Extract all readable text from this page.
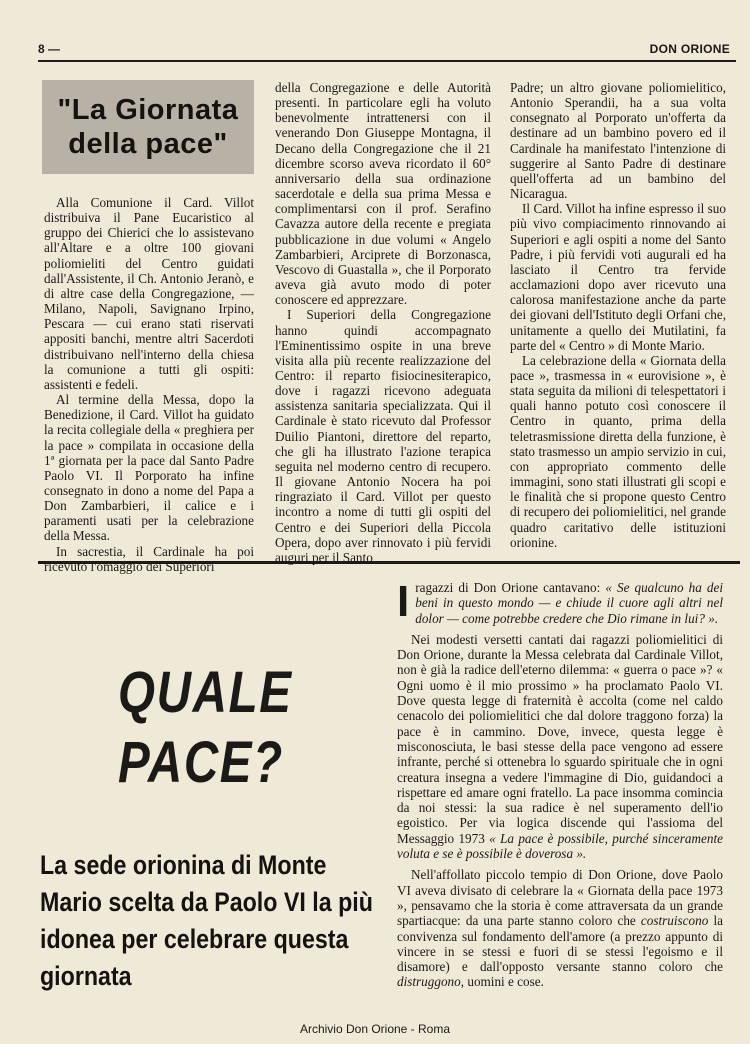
8 —	DON ORIONE
"La Giornata
della pace"

Alla Comunione il Card. Villot distribuiva il Pane Eucaristico al gruppo dei Chierici che lo assistevano all'Altare e a oltre 100 giovani poliomieliti del Centro guidati dall'Assistente, il Ch. Antonio Jeranò, e di altre case della Congregazione, — Milano, Napoli, Savignano Irpino, Pescara — cui erano stati riservati appositi banchi, mentre altri Sacerdoti distribuivano nell'interno della chiesa la comunione a tutti gli ospiti: assistenti e fedeli.

Al termine della Messa, dopo la Benedizione, il Card. Villot ha guidato la recita collegiale della « preghiera per la pace » compilata in occasione della 1ª giornata per la pace dal Santo Padre Paolo VI. Il Porporato ha infine consegnato in dono a nome del Papa a Don Zambarbieri, il calice e i paramenti usati per la celebrazione della Messa.

In sacrestia, il Cardinale ha poi ricevuto l'omaggio dei Superiori

della Congregazione e delle Autorità presenti. In particolare egli ha voluto benevolmente intrattenersi con il venerando Don Giuseppe Montagna, il Decano della Congregazione che il 21 dicembre scorso aveva ricordato il 60° anniversario della sua ordinazione sacerdotale e della sua prima Messa e complimentarsi con il prof. Serafino Cavazza autore della recente e pregiata pubblicazione in due volumi « Angelo Zambarbieri, Arciprete di Borzonasca, Vescovo di Guastalla », che il Porporato aveva già avuto modo di poter conoscere ed apprezzare.

I Superiori della Congregazione hanno quindi accompagnato l'Eminentissimo ospite in una breve visita alla più recente realizzazione del Centro: il reparto fisiocinesiterapico, dove i ragazzi ricevono adeguata assistenza sanitaria specializzata. Qui il Cardinale è stato ricevuto dal Professor Duilio Piantoni, direttore del reparto, che gli ha illustrato l'azione terapica seguita nel moderno centro di recupero. Il giovane Antonio Nocera ha poi ringraziato il Card. Villot per questo incontro a nome di tutti gli ospiti del Centro e dei Superiori della Piccola Opera, dopo aver rinnovato i più fervidi auguri per il Santo

Padre; un altro giovane poliomielitico, Antonio Sperandii, ha a sua volta consegnato al Porporato un'offerta da destinare ad un bambino povero ed il Cardinale ha manifestato l'intenzione di suggerire al Santo Padre di destinare quell'offerta ad un bambino del Nicaragua.

Il Card. Villot ha infine espresso il suo più vivo compiacimento rinnovando ai Superiori e agli ospiti a nome del Santo Padre, i più fervidi voti augurali ed ha lasciato il Centro tra fervide acclamazioni dopo aver ricevuto una calorosa manifestazione anche da parte dei giovani dell'Istituto degli Orfani che, unitamente a quello dei Mutilatini, fa parte del « Centro » di Monte Mario.

La celebrazione della « Giornata della pace », trasmessa in « eurovisione », è stata seguita da milioni di telespettatori i quali hanno potuto così conoscere il Centro in quanto, prima della teletrasmissione diretta della funzione, è stato trasmesso un ampio servizio in cui, con appropriato commento delle immagini, sono stati illustrati gli scopi e le finalità che si propone questo Centro di recupero dei poliomielitici, nel grande quadro caritativo delle istituzioni orionine.

QUALE
PACE?
La sede orionina di Monte Mario scelta da Paolo VI la più idonea per celebrare questa giornata

I ragazzi di Don Orione cantavano: « Se qualcuno ha dei beni in questo mondo — e chiude il cuore agli altri nel dolor — come potrebbe credere che Dio rimane in lui? ».

Nei modesti versetti cantati dai ragazzi poliomielitici di Don Orione, durante la Messa celebrata dal Cardinale Villot, non è già la radice dell'eterno dilemma: « guerra o pace »? « Ogni uomo è il mio prossimo » ha proclamato Paolo VI. Dove questa legge di fraternità è accolta (come nel caldo cenacolo dei poliomielitici che dal dolore traggono forza) la pace è in cammino. Dove, invece, questa legge è misconosciuta, le basi stesse della pace vengono ad essere infrante, perché si ottenebra lo sguardo spirituale che in ogni creatura insegna a vedere l'immagine di Dio, guidandoci a rispettare ed amare ogni fratello. La pace insomma comincia da noi stessi: la sua radice è nel superamento dell'io egoistico. Per via logica discende qui l'assioma del Messaggio 1973 « La pace è possibile, purché sinceramente voluta e se è possibile è doverosa ».

Nell'affollato piccolo tempio di Don Orione, dove Paolo VI aveva divisato di celebrare la « Giornata della pace 1973 », pensavamo che la storia è come attraversata da un grande spartiacque: da una parte stanno coloro che costruiscono la convivenza sul fondamento dell'amore (a prezzo appunto di vincere in se stessi e fuori di se stessi l'egoismo e il disamore) e dall'opposto versante stanno coloro che distruggono, uomini e cose.

Archivio Don Orione - Roma
